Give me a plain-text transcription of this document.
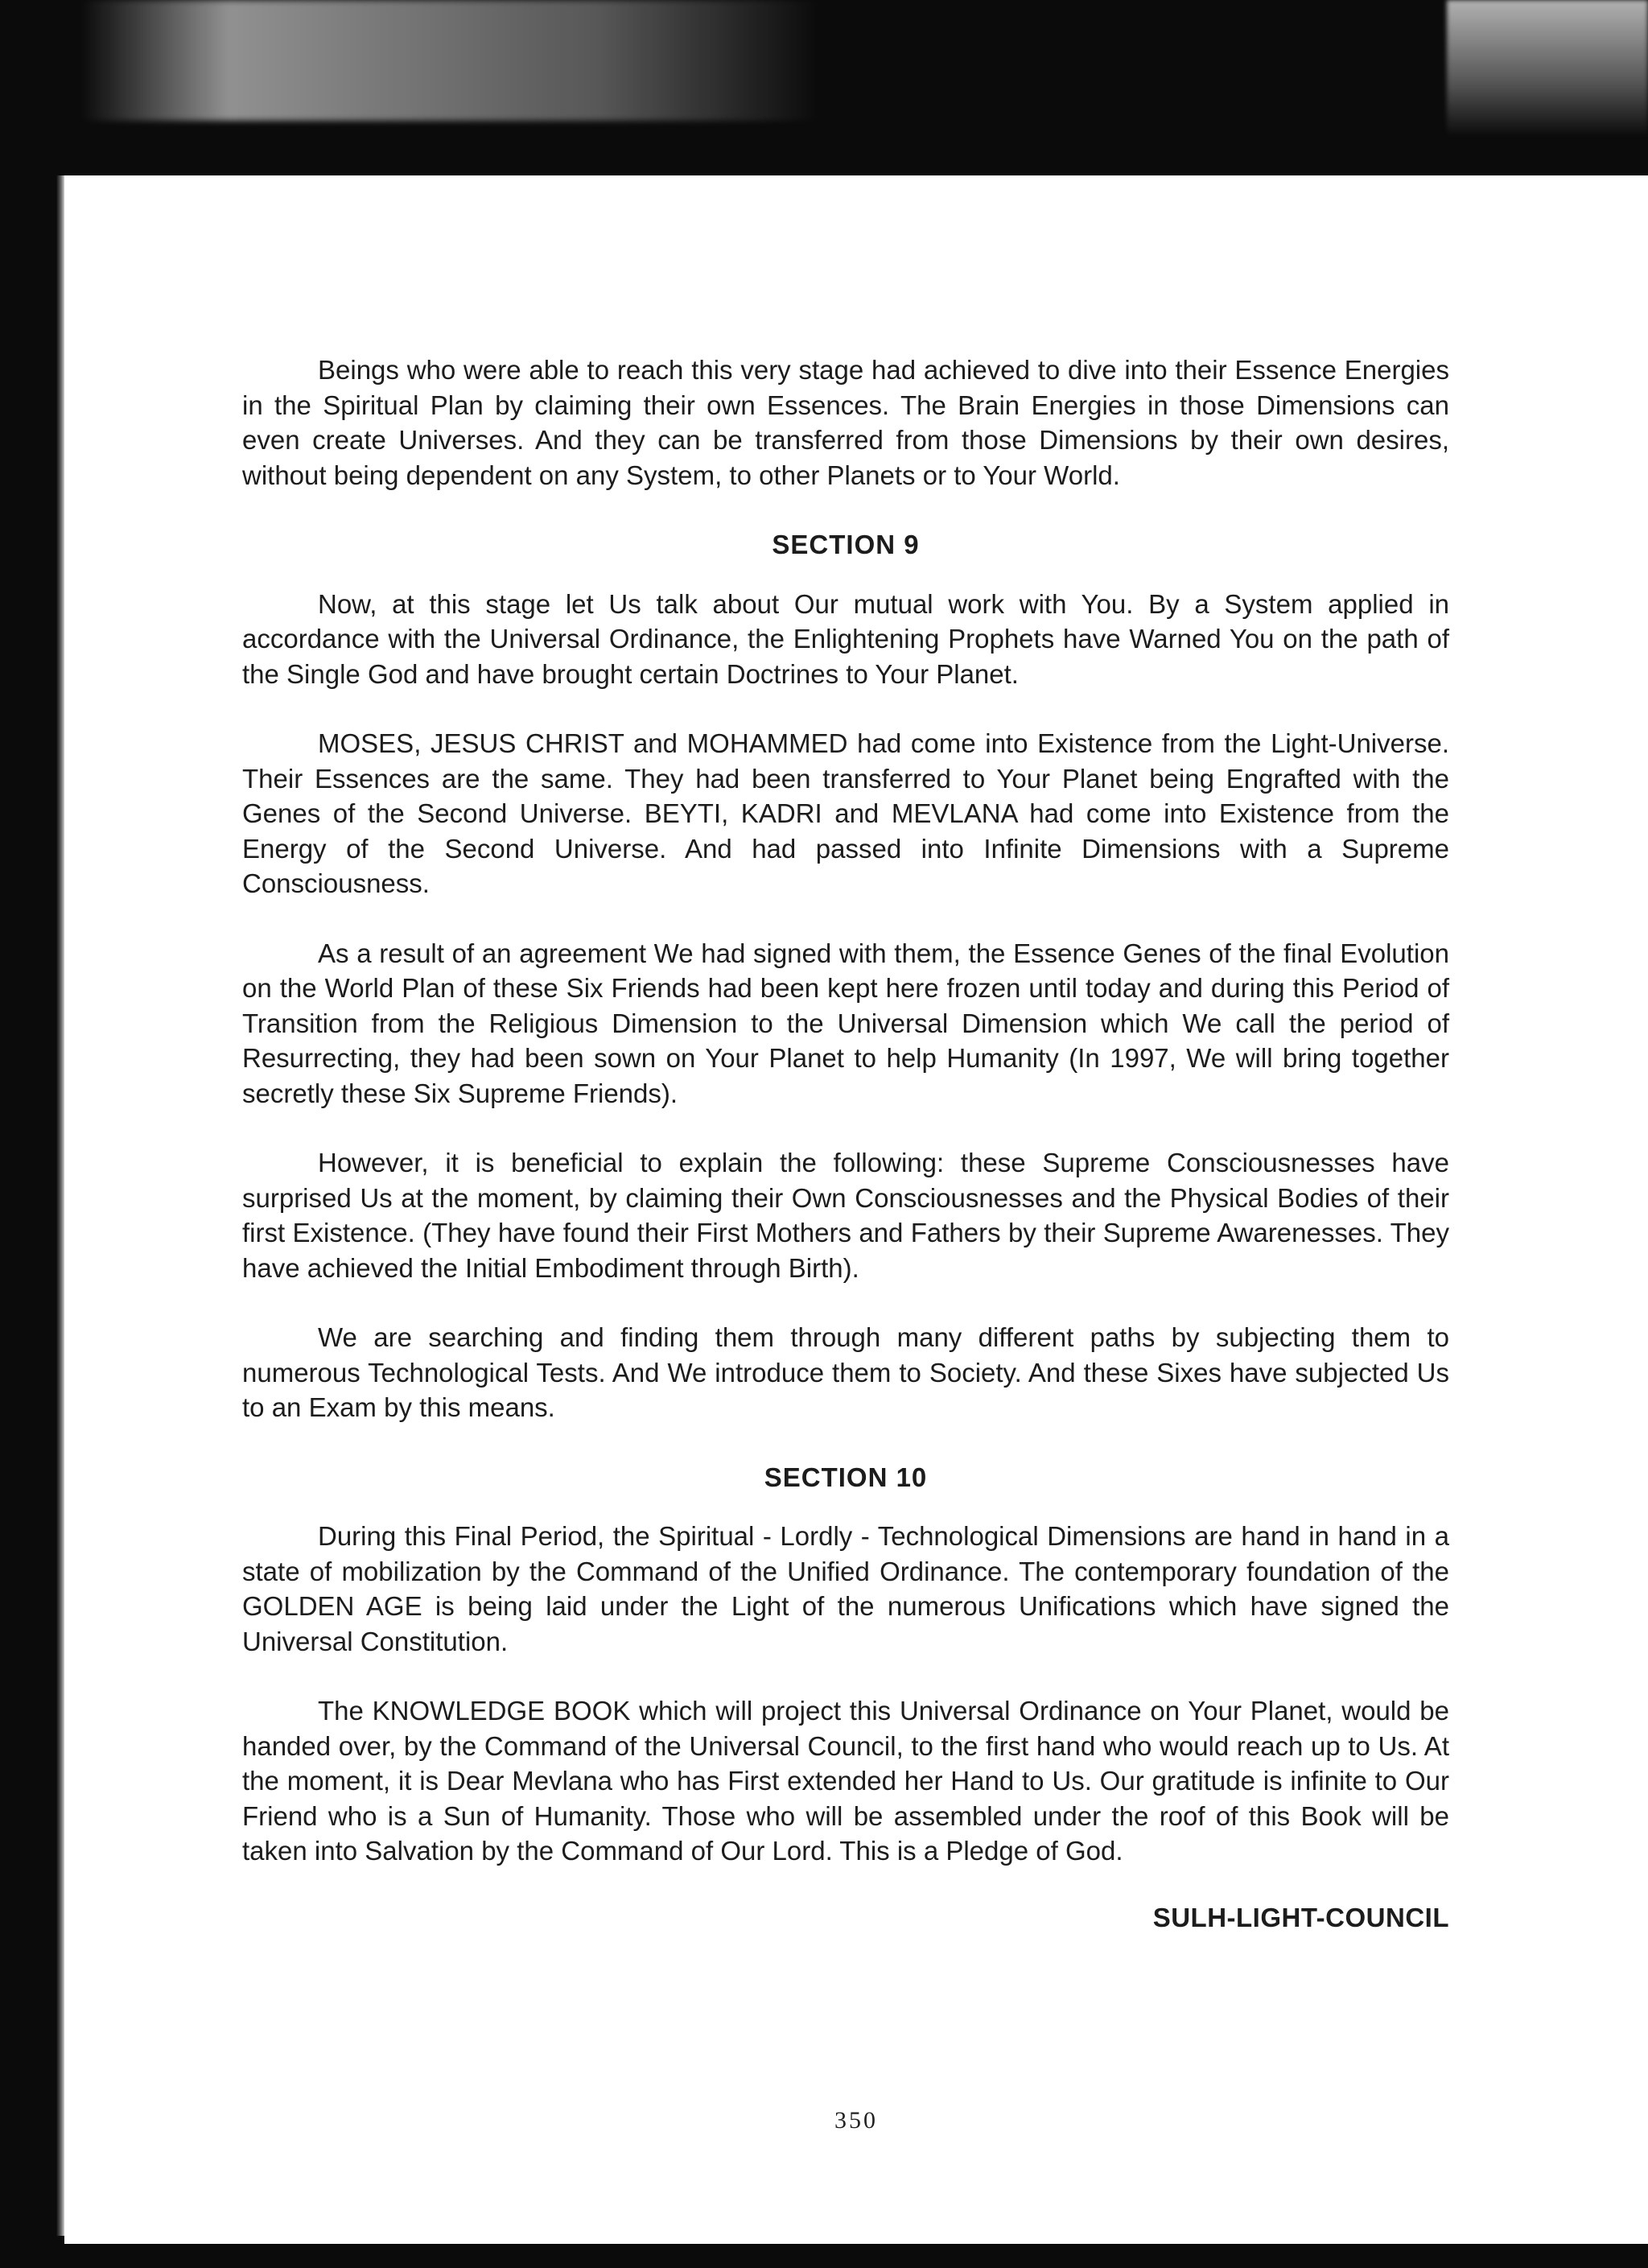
Beings who were able to reach this very stage had achieved to dive into their Essence Energies in the Spiritual Plan by claiming their own Essences. The Brain Energies in those Dimensions can even create Universes. And they can be transferred from those Dimensions by their own desires, without being dependent on any System, to other Planets or to Your World.

SECTION 9

Now, at this stage let Us talk about Our mutual work with You. By a System applied in accordance with the Universal Ordinance, the Enlightening Prophets have Warned You on the path of the Single God and have brought certain Doctrines to Your Planet.

MOSES, JESUS CHRIST and MOHAMMED had come into Existence from the Light-Universe. Their Essences are the same. They had been transferred to Your Planet being Engrafted with the Genes of the Second Universe. BEYTI, KADRI and MEVLANA had come into Existence from the Energy of the Second Universe. And had passed into Infinite Dimensions with a Supreme Consciousness.

As a result of an agreement We had signed with them, the Essence Genes of the final Evolution on the World Plan of these Six Friends had been kept here frozen until today and during this Period of Transition from the Religious Dimension to the Universal Dimension which We call the period of Resurrecting, they had been sown on Your Planet to help Humanity (In 1997, We will bring together secretly these Six Supreme Friends).

However, it is beneficial to explain the following: these Supreme Consciousnesses have surprised Us at the moment, by claiming their Own Consciousnesses and the Physical Bodies of their first Existence. (They have found their First Mothers and Fathers by their Supreme Awarenesses. They have achieved the Initial Embodiment through Birth).

We are searching and finding them through many different paths by subjecting them to numerous Technological Tests. And We introduce them to Society. And these Sixes have subjected Us to an Exam by this means.

SECTION 10

During this Final Period, the Spiritual - Lordly - Technological Dimensions are hand in hand in a state of mobilization by the Command of the Unified Ordinance. The contemporary foundation of the GOLDEN AGE is being laid under the Light of the numerous Unifications which have signed the Universal Constitution.

The KNOWLEDGE BOOK which will project this Universal Ordinance on Your Planet, would be handed over, by the Command of the Universal Council, to the first hand who would reach up to Us. At the moment, it is Dear Mevlana who has First extended her Hand to Us. Our gratitude is infinite to Our Friend who is a Sun of Humanity. Those who will be assembled under the roof of this Book will be taken into Salvation by the Command of Our Lord. This is a Pledge of God.

SULH-LIGHT-COUNCIL
350
